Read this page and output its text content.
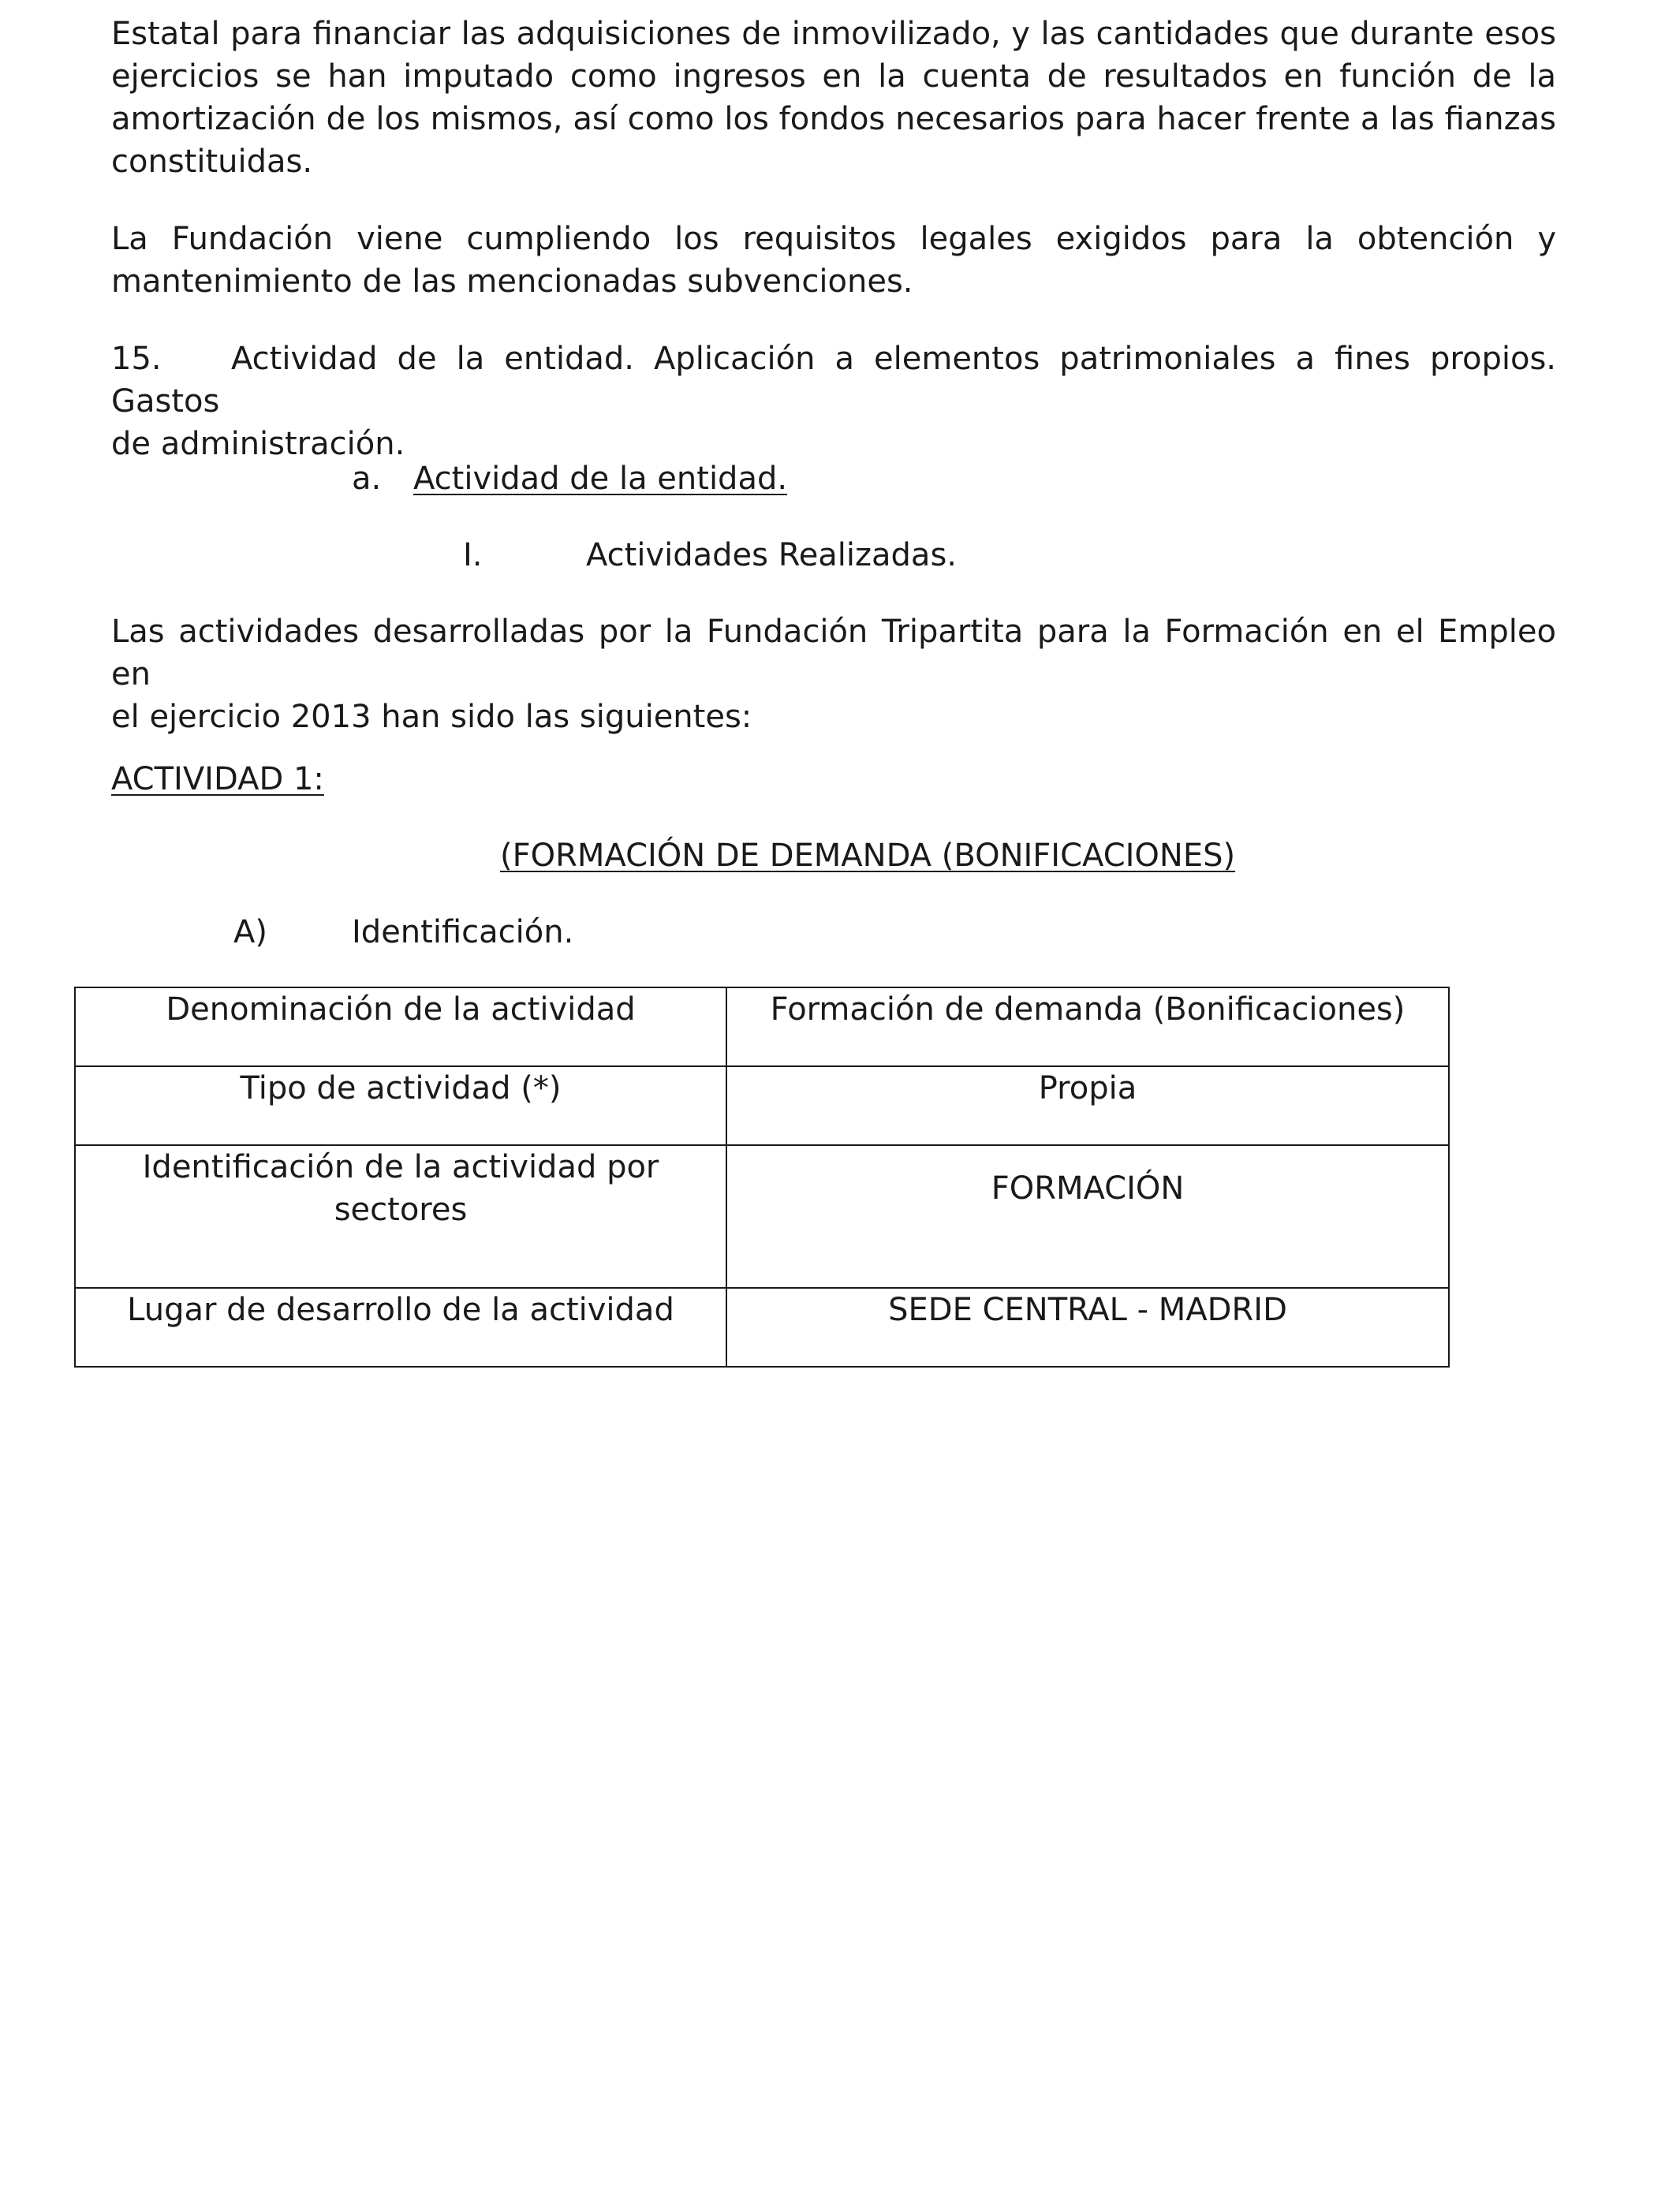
Estatal para financiar las adquisiciones de inmovilizado, y las cantidades que durante esos
ejercicios se han imputado como ingresos en la cuenta de resultados en función de la
amortización de los mismos, así como los fondos necesarios para hacer frente a las fianzas
constituidas.
La Fundación viene cumpliendo los requisitos legales exigidos para la obtención y
mantenimiento de las mencionadas subvenciones.
15. Actividad de la entidad. Aplicación a elementos patrimoniales a fines propios. Gastos
de administración.

a. Actividad de la entidad.

I.	Actividades Realizadas.

Las actividades desarrolladas por la Fundación Tripartita para la Formación en el Empleo en
el ejercicio 2013 han sido las siguientes:

ACTIVIDAD 1:

(FORMACIÓN DE DEMANDA (BONIFICACIONES)

A)	Identificación.

Denominación de la actividad	Formación de demanda (Bonificaciones)
Tipo de actividad (*)	Propia
Identificación de la actividad por
sectores	FORMACIÓN
Lugar de desarrollo de la actividad	SEDE CENTRAL - MADRID
